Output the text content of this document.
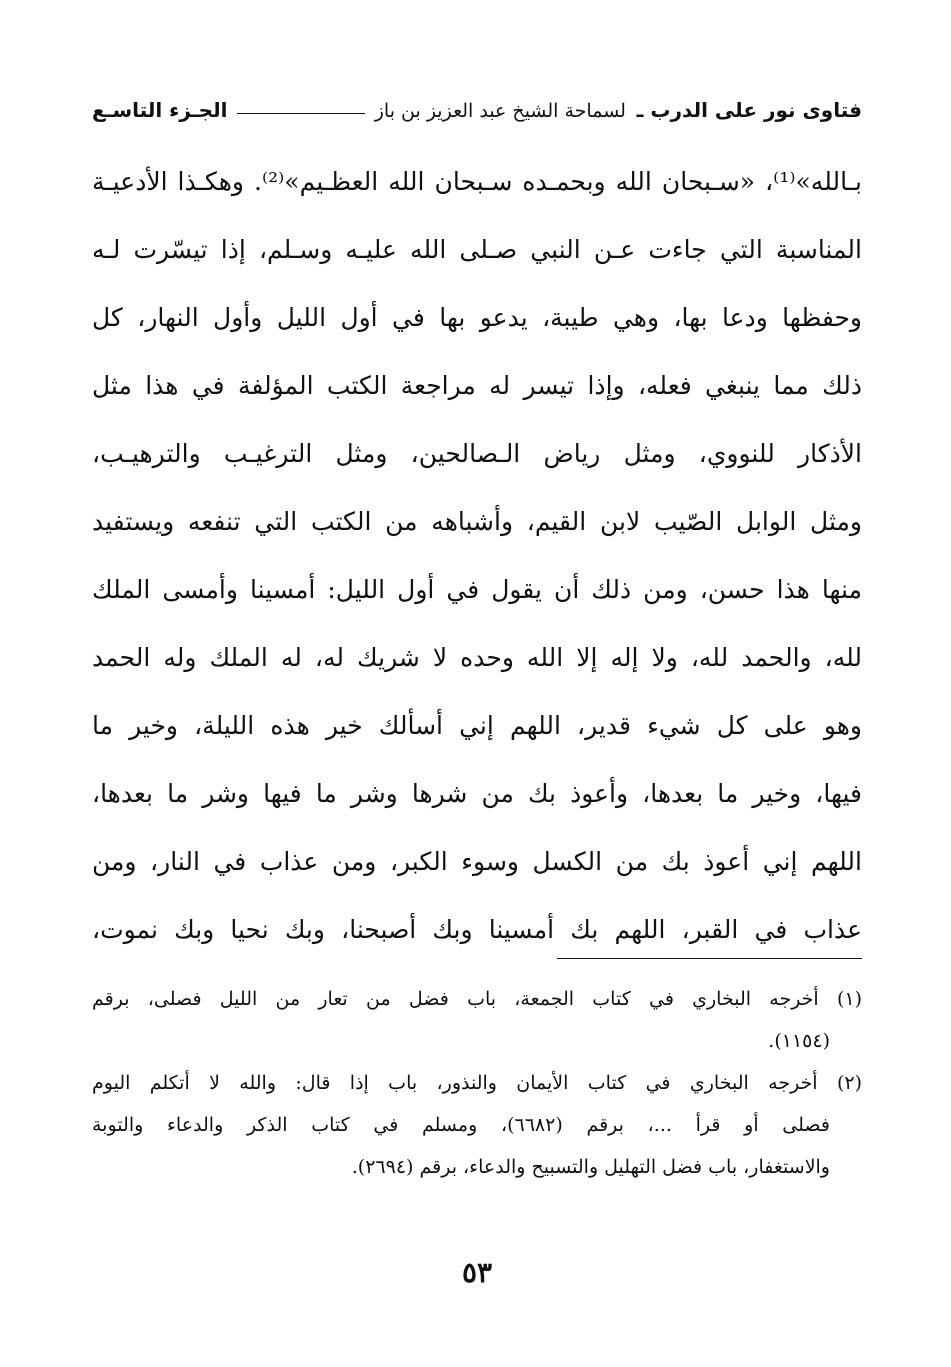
فتاوى نور على الدرب ـ لسماحة الشيخ عبد العزيز بن باز
الجـزء التاسـع
بـالله»⁽¹⁾، «سـبحان الله وبحمـده سـبحان الله العظـيم»⁽²⁾. وهكـذا الأدعيـة
المناسبة التي جاءت عـن النبي صـلى الله عليـه وسـلم، إذا تيسّرت لـه
وحفظها ودعا بها، وهي طيبة، يدعو بها في أول الليل وأول النهار، كل
ذلك مما ينبغي فعله، وإذا تيسر له مراجعة الكتب المؤلفة في هذا مثل
الأذكار للنووي، ومثل رياض الـصالحين، ومثل الترغيـب والترهيـب،
ومثل الوابل الصّيب لابن القيم، وأشباهه من الكتب التي تنفعه ويستفيد
منها هذا حسن، ومن ذلك أن يقول في أول الليل: أمسينا وأمسى الملك
لله، والحمد لله، ولا إله إلا الله وحده لا شريك له، له الملك وله الحمد
وهو على كل شيء قدير، اللهم إني أسألك خير هذه الليلة، وخير ما
فيها، وخير ما بعدها، وأعوذ بك من شرها وشر ما فيها وشر ما بعدها،
اللهم إني أعوذ بك من الكسل وسوء الكبر، ومن عذاب في النار، ومن
عذاب في القبر، اللهم بك أمسينا وبك أصبحنا، وبك نحيا وبك نموت،
(١) أخرجه البخاري في كتاب الجمعة، باب فضل من تعار من الليل فصلى، برقم
(١١٥٤).
(٢) أخرجه البخاري في كتاب الأيمان والنذور، باب إذا قال: والله لا أتكلم اليوم
فصلى أو قرأ ...، برقم (٦٦٨٢)، ومسلم في كتاب الذكر والدعاء والتوبة
والاستغفار، باب فضل التهليل والتسبيح والدعاء، برقم (٢٦٩٤).
٥٣
